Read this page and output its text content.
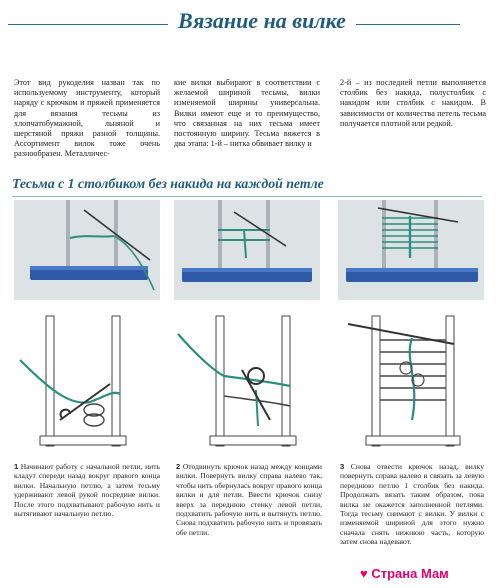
Вязание на вилке
Этот вид рукоделия назван так по используемому инструменту, который наряду с крючком и пряжей применяется для вязания тесьмы из хлопчатобумажной, льняной и шерстяной пряжи разной толщины. Ассортимент вилок тоже очень разнообразен. Металличес-
кие вилки выбирают в соответствии с желаемой шириной тесьмы, вилки изменяемой ширины универсальна. Вилки имеют еще и то преимущество, что связанная на них тесьма имеет постоянную ширину. Тесьма вяжется в два этапа: 1-й – нитка обвивает вилку и
2-й – из последней петли выполняется столбик без накида, полустолбик с накидом или столбик с накидом. В зависимости от количества петель тесьма получается плотной или редкой.
Тесьма с 1 столбиком без накида на каждой петле
1 Начинают работу с начальной петли, нить кладут спереди назад вокруг правого конца вилки. Начальную петлю, а затем тесьму удерживают левой рукой посредине вилки. После этого подхватывают рабочую нить и вытягивают начальную петлю.
2 Отодвинуть крючок назад между концами вилки. Повернуть вилку справа налево так, чтобы нить обернулась вокруг правого конца вилки и для петли. Ввести крючок снизу вверх за переднюю стенку левой петли, подхватить рабочую нить и вытянуть петлю. Снова подхватить рабочую нить и провязать обе петли.
3 Снова отвести крючок назад, вилку повернуть справа налево и связать за левую переднюю петлю 1 столбик без накида. Продолжать вязать таким образом, пока вилка не окажется заполненной петлями. Тогда тесьму снимают с вилки. У вилки с изменяемой шириной для этого нужно сначала снять нижнюю часть, которую затем снова надевают.
♥ Страна Мам
